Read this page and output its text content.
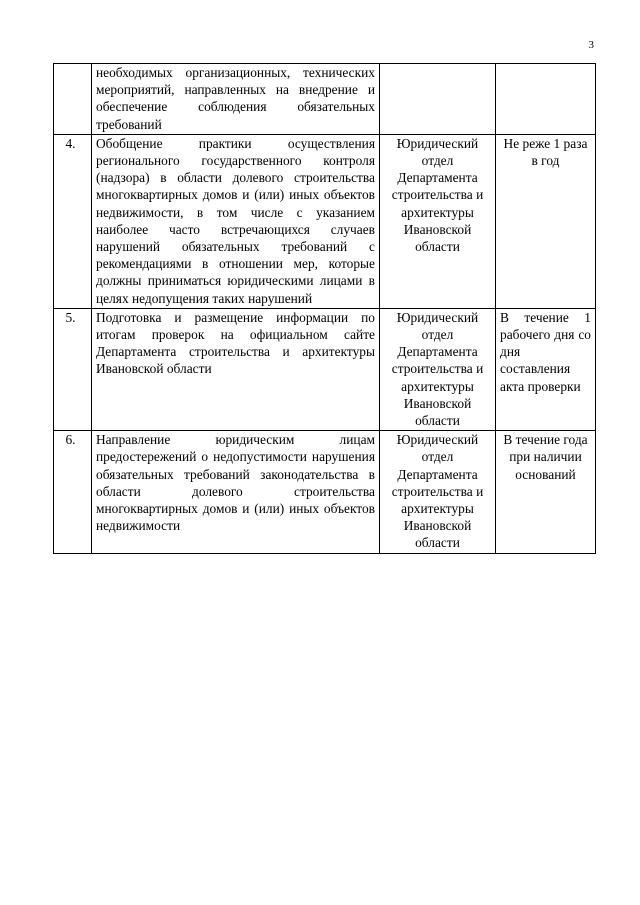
3
	необходимых организационных, технических мероприятий, направленных на внедрение и обеспечение соблюдения обязательных требований		
4.	Обобщение практики осуществления регионального государственного контроля (надзора) в области долевого строительства многоквартирных домов и (или) иных объектов недвижимости, в том числе с указанием наиболее часто встречающихся случаев нарушений обязательных требований с рекомендациями в отношении мер, которые должны приниматься юридическими лицами в целях недопущения таких нарушений	Юридический отдел Департамента строительства и архитектуры Ивановской области	Не реже 1 раза в год
5.	Подготовка и размещение информации по итогам проверок на официальном сайте Департамента строительства и архитектуры Ивановской области	Юридический отдел Департамента строительства и архитектуры Ивановской области	В течение 1 рабочего дня со дня составления акта проверки
6.	Направление юридическим лицам предостережений о недопустимости нарушения обязательных требований законодательства в области долевого строительства многоквартирных домов и (или) иных объектов недвижимости	Юридический отдел Департамента строительства и архитектуры Ивановской области	В течение года при наличии оснований
